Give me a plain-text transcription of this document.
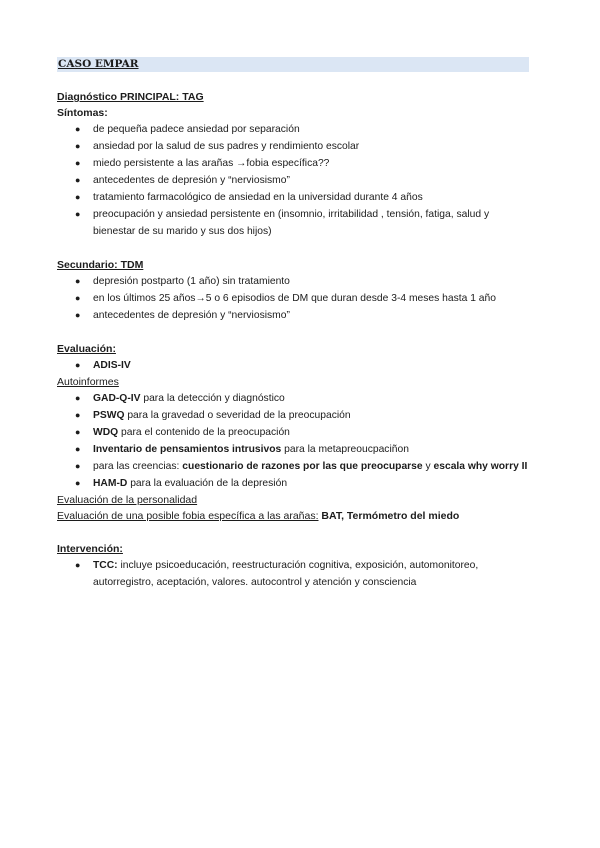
CASO EMPAR
Diagnóstico PRINCIPAL: TAG
Síntomas:
● de pequeña padece ansiedad por separación
● ansiedad por la salud de sus padres y rendimiento escolar
● miedo persistente a las arañas →fobia específica??
● antecedentes de depresión y “nerviosismo”
● tratamiento farmacológico de ansiedad en la universidad durante 4 años
● preocupación y ansiedad persistente en (insomnio, irritabilidad , tensión, fatiga, salud y bienestar de su marido y sus dos hijos)
Secundario: TDM
● depresión postparto (1 año) sin tratamiento
● en los últimos 25 años→5 o 6 episodios de DM que duran desde 3-4 meses hasta 1 año
● antecedentes de depresión y “nerviosismo”
Evaluación:
● ADIS-IV
Autoinformes
● GAD-Q-IV para la detección y diagnóstico
● PSWQ para la gravedad o severidad de la preocupación
● WDQ para el contenido de la preocupación
● Inventario de pensamientos intrusivos para la metapreoucpaciñon
● para las creencias: cuestionario de razones por las que preocuparse y escala why worry II
● HAM-D para la evaluación de la depresión
Evaluación de la personalidad
Evaluación de una posible fobia específica a las arañas: BAT, Termómetro del miedo
Intervención:
● TCC: incluye psicoeducación, reestructuración cognitiva, exposición, automonitoreo, autorregistro, aceptación, valores. autocontrol y atención y consciencia
